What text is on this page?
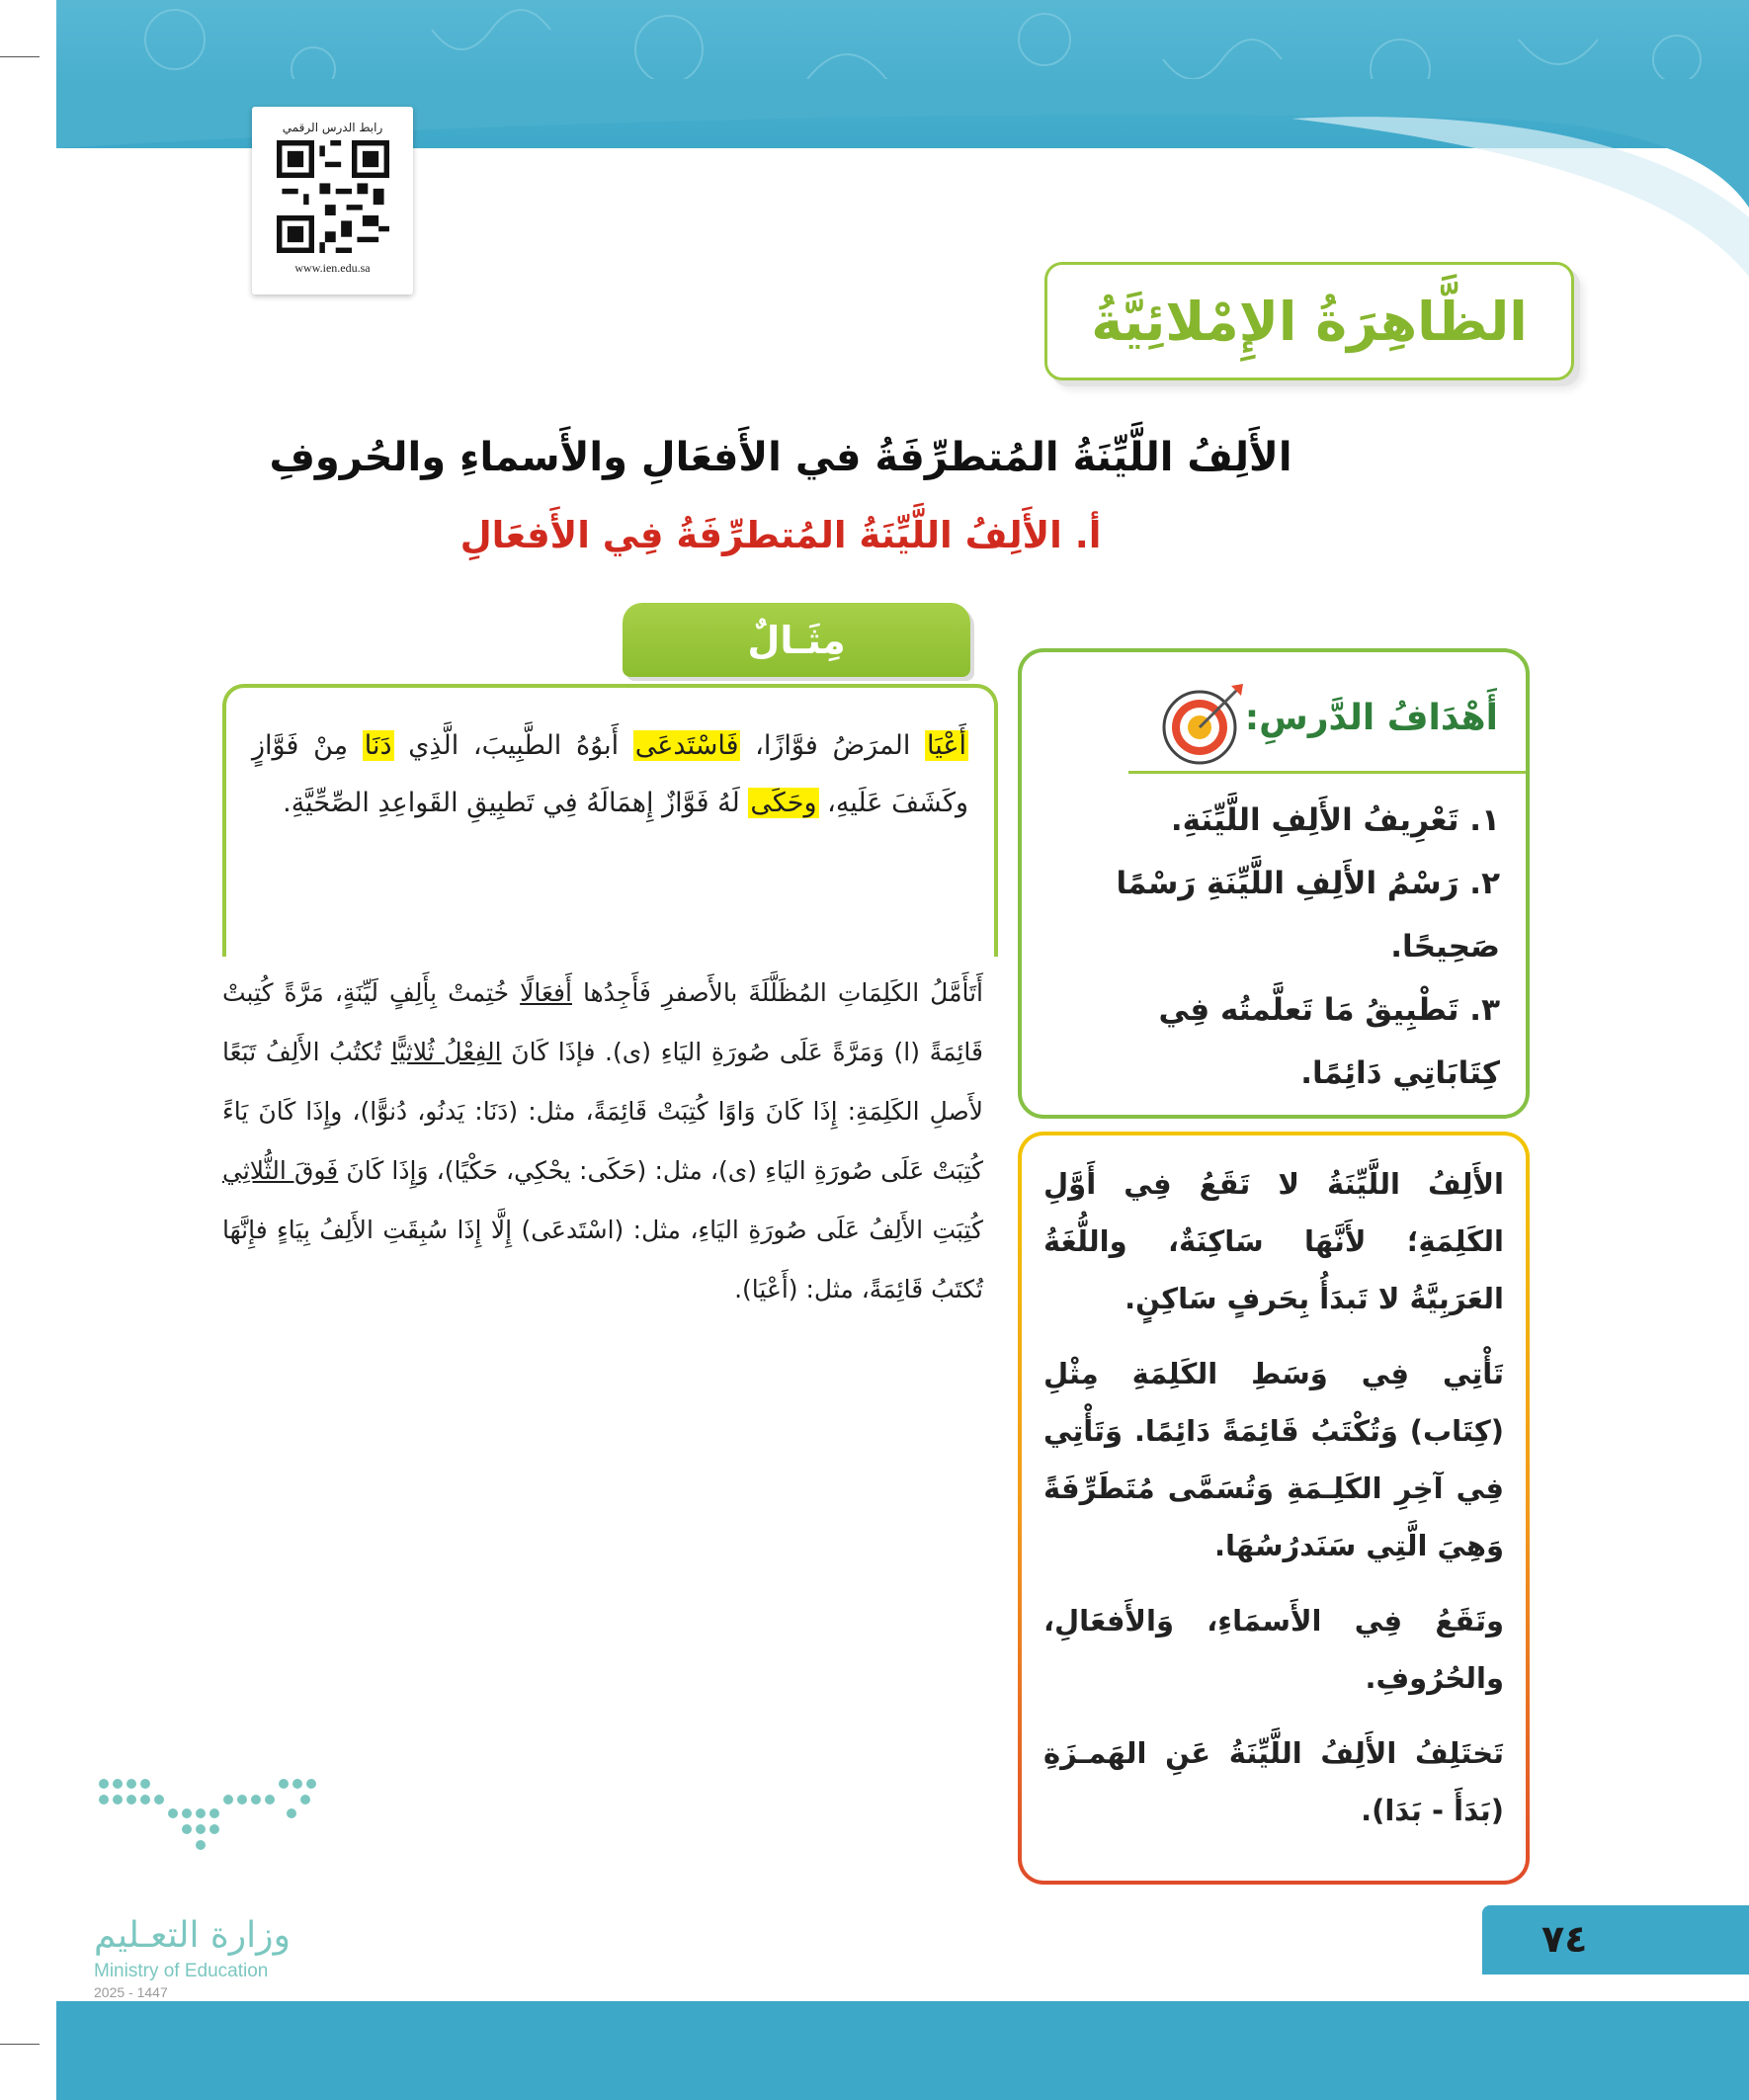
رابط الدرس الرقمي
www.ien.edu.sa
الظَّاهِرَةُ الإِمْلائِيَّةُ
الأَلِفُ اللَّيِّنَةُ المُتطرِّفَةُ في الأَفعَالِ والأَسماءِ والحُروفِ
أ. الأَلِفُ اللَّيِّنَةُ المُتطرِّفَةُ فِي الأَفعَالِ
مِثَـالٌ
أَعْيَا المرَضُ فوَّازًا، فَاسْتَدعَى أَبوُهُ الطَّبِيبَ، الَّذِي دَنَا مِنْ فَوَّازٍ وكَشَفَ عَلَيهِ، وحَكَى لَهُ فَوَّازٌ إِهمَالَهُ فِي تَطبِيقِ القَواعِدِ الصِّحِّيَّةِ.
أَتَأَمَّلُ الكَلِمَاتِ المُظَلَّلَةَ بالأَصفرِ فَأَجِدُها أَفعَالًا خُتِمتْ بِأَلِفٍ لَيِّنَةٍ، مَرَّةً كُتِبتْ قَائِمَةً (ا) وَمَرَّةً عَلَى صُورَةِ اليَاءِ (ى). فإذَا كَانَ الفِعْلُ ثُلاثيًّا تُكتُبُ الأَلِفُ تَبَعًا لأَصلِ الكَلِمَةِ: إِذَا كَانَ وَاوًا كُتِبَتْ قَائِمَةً، مثل: (دَنَا: يَدنُو، دُنوًّا)، وإِذَا كَانَ يَاءً كُتِبَتْ عَلَى صُورَةِ اليَاءِ (ى)، مثل: (حَكَى: يحْكِي، حَكْيًا)، وَإِذَا كَانَ فَوقَ الثُّلاثِي كُتِبَتِ الأَلِفُ عَلَى صُورَةِ اليَاءِ، مثل: (اسْتَدعَى) إِلَّا إِذَا سُبِقَتِ الأَلِفُ بِيَاءٍ فإِنَّهَا تُكتَبُ قَائِمَةً، مثل: (أَعْيَا).
أَهْدَافُ الدَّرسِ:
١. تَعْرِيفُ الأَلِفِ اللَّيِّنَةِ.
٢. رَسْمُ الأَلِفِ اللَّيِّنَةِ رَسْمًا صَحِيحًا.
٣. تَطْبِيقُ مَا تَعلَّمتُه فِي كِتَابَاتِي دَائِمًا.

الأَلِفُ اللَّيِّنَةُ لا تَقَعُ فِي أَوَّلِ الكَلِمَةِ؛ لأَنَّهَا سَاكِنَةٌ، واللُّغَةُ العَرَبِيَّةُ لا تَبدَأُ بِحَرفٍ سَاكِنٍ.

تَأْتِي فِي وَسَطِ الكَلِمَةِ مِثْلِ (كِتَاب) وَتُكْتَبُ قَائِمَةً دَائِمًا. وَتَأْتِي فِي آخِرِ الكَلِـمَةِ وَتُسَمَّى مُتَطَرِّفَةً وَهِيَ الَّتِي سَنَدرُسُهَا.

وتَقَعُ فِي الأَسمَاءِ، وَالأَفعَالِ، والحُرُوفِ.

تَختَلِفُ الأَلِفُ اللَّيِّنَةُ عَنِ الهَمـزَةِ (بَدَأَ - بَدَا).

وزارة التعـليم
Ministry of Education
2025 - 1447
٧٤
